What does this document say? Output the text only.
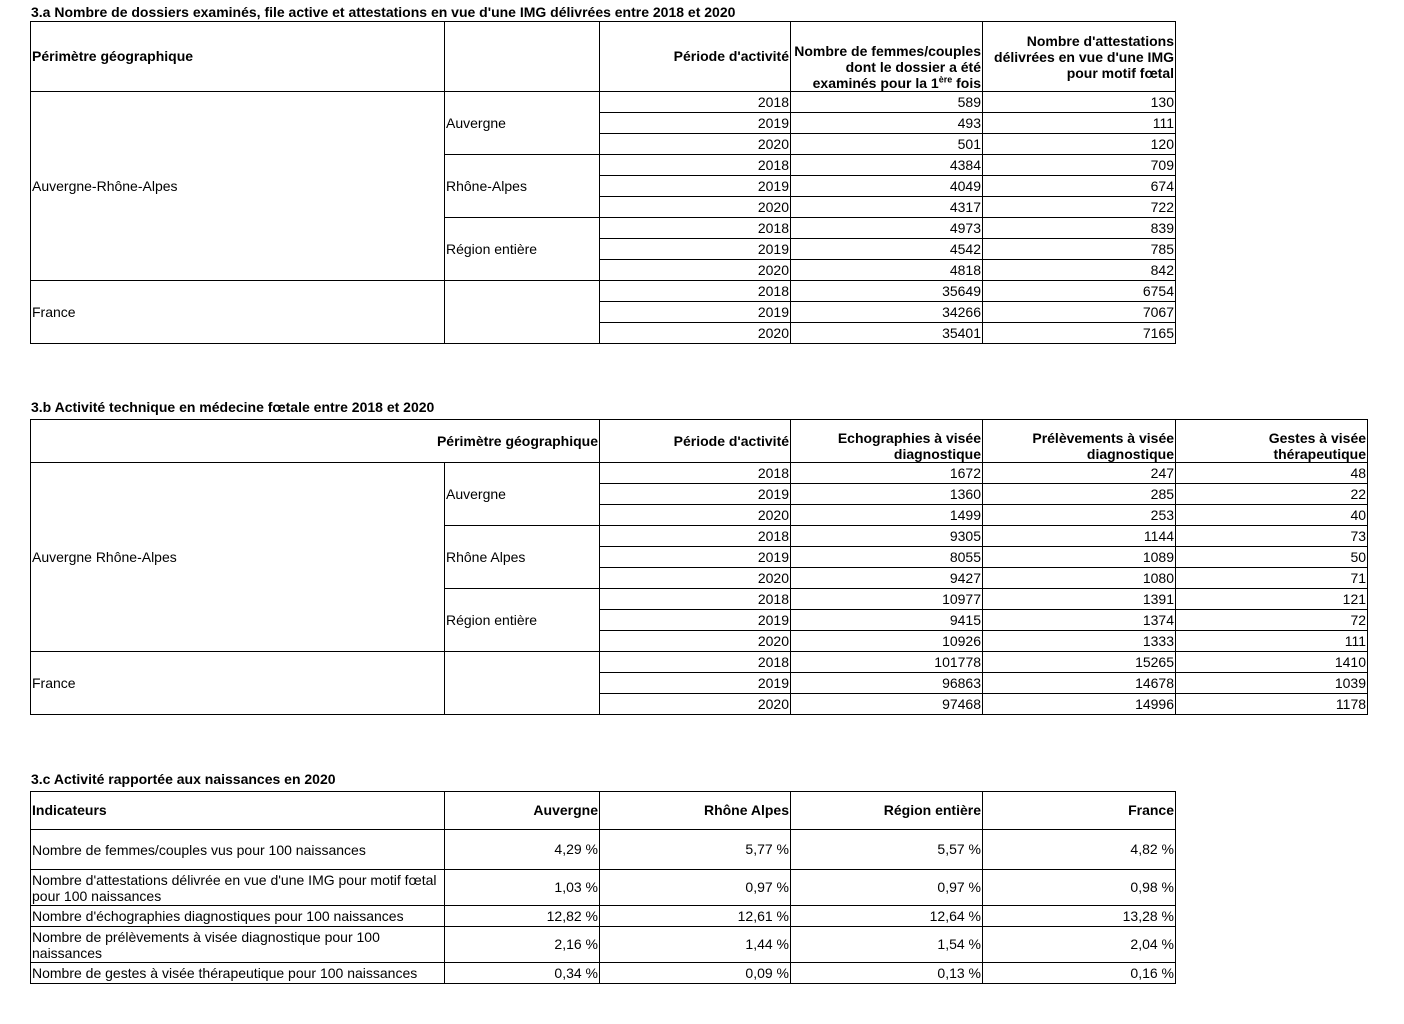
3.a Nombre de dossiers examinés, file active et attestations en vue d'une IMG délivrées entre 2018 et 2020
Périmètre géographique		Période d'activité	Nombre de femmes/couples dont le dossier a été examinés pour la 1ère fois	Nombre d'attestations délivrées en vue d'une IMG pour motif fœtal
Auvergne-Rhône-Alpes	Auvergne	2018	589	130
		2019	493	111
		2020	501	120
	Rhône-Alpes	2018	4384	709
		2019	4049	674
		2020	4317	722
	Région entière	2018	4973	839
		2019	4542	785
		2020	4818	842
France		2018	35649	6754
		2019	34266	7067
		2020	35401	7165
3.b Activité technique en médecine fœtale entre 2018 et 2020
Périmètre géographique		Période d'activité	Echographies à visée diagnostique	Prélèvements à visée diagnostique	Gestes à visée thérapeutique
Auvergne Rhône-Alpes	Auvergne	2018	1672	247	48
		2019	1360	285	22
		2020	1499	253	40
	Rhône Alpes	2018	9305	1144	73
		2019	8055	1089	50
		2020	9427	1080	71
	Région entière	2018	10977	1391	121
		2019	9415	1374	72
		2020	10926	1333	111
France		2018	101778	15265	1410
		2019	96863	14678	1039
		2020	97468	14996	1178
3.c Activité rapportée aux naissances en 2020
Indicateurs	Auvergne	Rhône Alpes	Région entière	France
Nombre de femmes/couples vus pour 100 naissances	4,29 %	5,77 %	5,57 %	4,82 %
Nombre d'attestations délivrée en vue d'une IMG pour motif fœtal pour 100 naissances	1,03 %	0,97 %	0,97 %	0,98 %
Nombre d'échographies diagnostiques pour 100 naissances	12,82 %	12,61 %	12,64 %	13,28 %
Nombre de prélèvements à visée diagnostique pour 100 naissances	2,16 %	1,44 %	1,54 %	2,04 %
Nombre de gestes à visée thérapeutique pour 100 naissances	0,34 %	0,09 %	0,13 %	0,16 %
